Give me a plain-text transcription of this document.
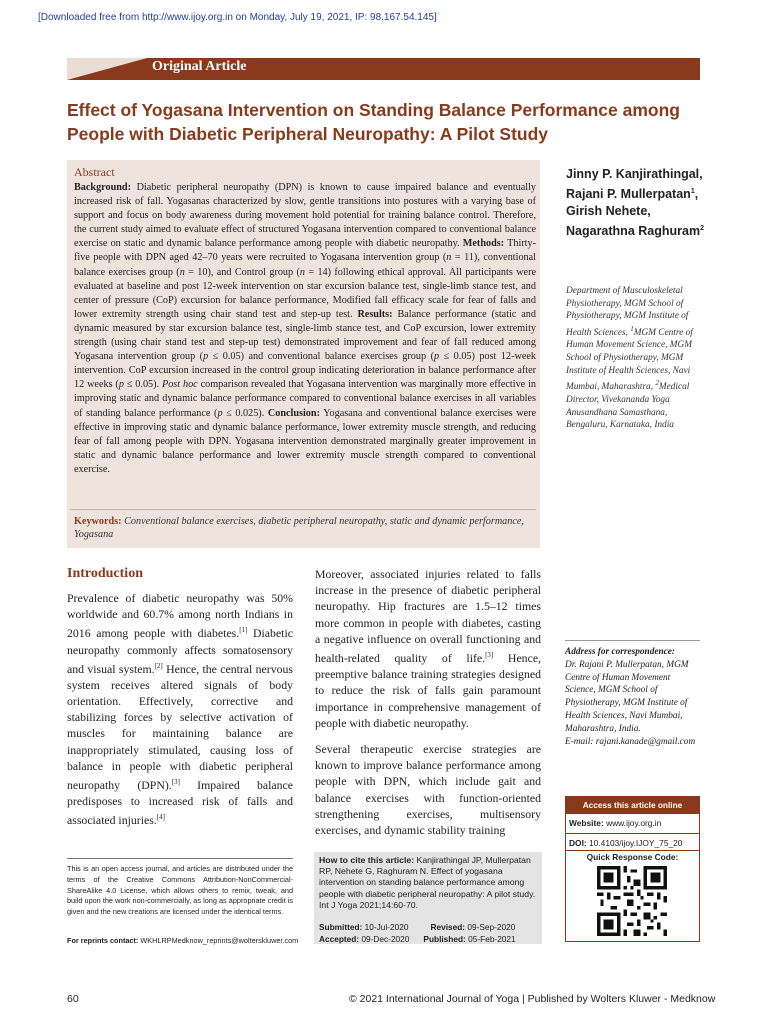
[Downloaded free from http://www.ijoy.org.in on Monday, July 19, 2021, IP: 98.167.54.145]
Original Article
Effect of Yogasana Intervention on Standing Balance Performance among People with Diabetic Peripheral Neuropathy: A Pilot Study
Abstract
Background: Diabetic peripheral neuropathy (DPN) is known to cause impaired balance and eventually increased risk of fall. Yogasanas characterized by slow, gentle transitions into postures with a varying base of support and focus on body awareness during movement hold potential for training balance control. Therefore, the current study aimed to evaluate effect of structured Yogasana intervention compared to conventional balance exercise on static and dynamic balance performance among people with diabetic neuropathy. Methods: Thirty-five people with DPN aged 42–70 years were recruited to Yogasana intervention group (n = 11), conventional balance exercises group (n = 10), and Control group (n = 14) following ethical approval. All participants were evaluated at baseline and post 12-week intervention on star excursion balance test, single-limb stance test, and center of pressure (CoP) excursion for balance performance, Modified fall efficacy scale for fear of falls and lower extremity strength using chair stand test and step-up test. Results: Balance performance (static and dynamic measured by star excursion balance test, single-limb stance test, and CoP excursion, lower extremity strength (using chair stand test and step-up test) demonstrated improvement and fear of fall reduced among Yogasana intervention group (p ≤ 0.05) and conventional balance exercises group (p ≤ 0.05) post 12-week intervention. CoP excursion increased in the control group indicating deterioration in balance performance after 12 weeks (p ≤ 0.05). Post hoc comparison revealed that Yogasana intervention was marginally more effective in improving static and dynamic balance performance compared to conventional balance exercises in all variables of standing balance performance (p ≤ 0.025). Conclusion: Yogasana and conventional balance exercises were effective in improving static and dynamic balance performance, lower extremity muscle strength, and reducing fear of fall among people with DPN. Yogasana intervention demonstrated marginally greater improvement in static and dynamic balance performance and lower extremity muscle strength compared to conventional exercise.
Keywords: Conventional balance exercises, diabetic peripheral neuropathy, static and dynamic performance, Yogasana
Jinny P. Kanjirathingal,
Rajani P. Mullerpatan$^1$,
Girish Nehete,
Nagarathna Raghuram$^2$
Department of Musculoskeletal Physiotherapy, MGM School of Physiotherapy, MGM Institute of Health Sciences, $^1$MGM Centre of Human Movement Science, MGM School of Physiotherapy, MGM Institute of Health Sciences, Navi Mumbai, Maharashtra, $^2$Medical Director, Vivekananda Yoga Anusandhana Samasthana, Bengaluru, Karnataka, India
Introduction

Prevalence of diabetic neuropathy was 50% worldwide and 60.7% among north Indians in 2016 among people with diabetes.[1] Diabetic neuropathy commonly affects somatosensory and visual system.[2] Hence, the central nervous system receives altered signals of body orientation. Effectively, corrective and stabilizing forces by selective activation of muscles for maintaining balance are inappropriately stimulated, causing loss of balance in people with diabetic peripheral neuropathy (DPN).[3] Impaired balance predisposes to increased risk of falls and associated injuries.[4]

Moreover, associated injuries related to falls increase in the presence of diabetic peripheral neuropathy. Hip fractures are 1.5–12 times more common in people with diabetes, casting a negative influence on overall functioning and health-related quality of life.[3] Hence, preemptive balance training strategies designed to reduce the risk of falls gain paramount importance in comprehensive management of people with diabetic neuropathy.

Several therapeutic exercise strategies are known to improve balance performance among people with DPN, which include gait and balance exercises with function-oriented strengthening exercises, multisensory exercises, and dynamic stability training

This is an open access journal, and articles are distributed under the terms of the Creative Commons Attribution-NonCommercial-ShareAlike 4.0 License, which allows others to remix, tweak, and build upon the work non-commercially, as long as appropriate credit is given and the new creations are licensed under the identical terms.
For reprints contact: WKHLRPMedknow_reprints@wolterskluwer.com
How to cite this article: Kanjirathingal JP, Mullerpatan RP, Nehete G, Raghuram N. Effect of yogasana intervention on standing balance performance among people with diabetic peripheral neuropathy: A pilot study. Int J Yoga 2021;14:60-70.
Submitted: 10-Jul-2020	Revised: 09-Sep-2020
Accepted: 09-Dec-2020 Published: 05-Feb-2021
Address for correspondence:
Dr. Rajani P. Mullerpatan, MGM Centre of Human Movement Science, MGM School of Physiotherapy, MGM Institute of Health Sciences, Navi Mumbai, Maharashtra, India.
E-mail: rajani.kanade@gmail.com
Access this article online
Website: www.ijoy.org.in
DOI: 10.4103/ijoy.IJOY_75_20
Quick Response Code:
60	© 2021 International Journal of Yoga | Published by Wolters Kluwer - Medknow
